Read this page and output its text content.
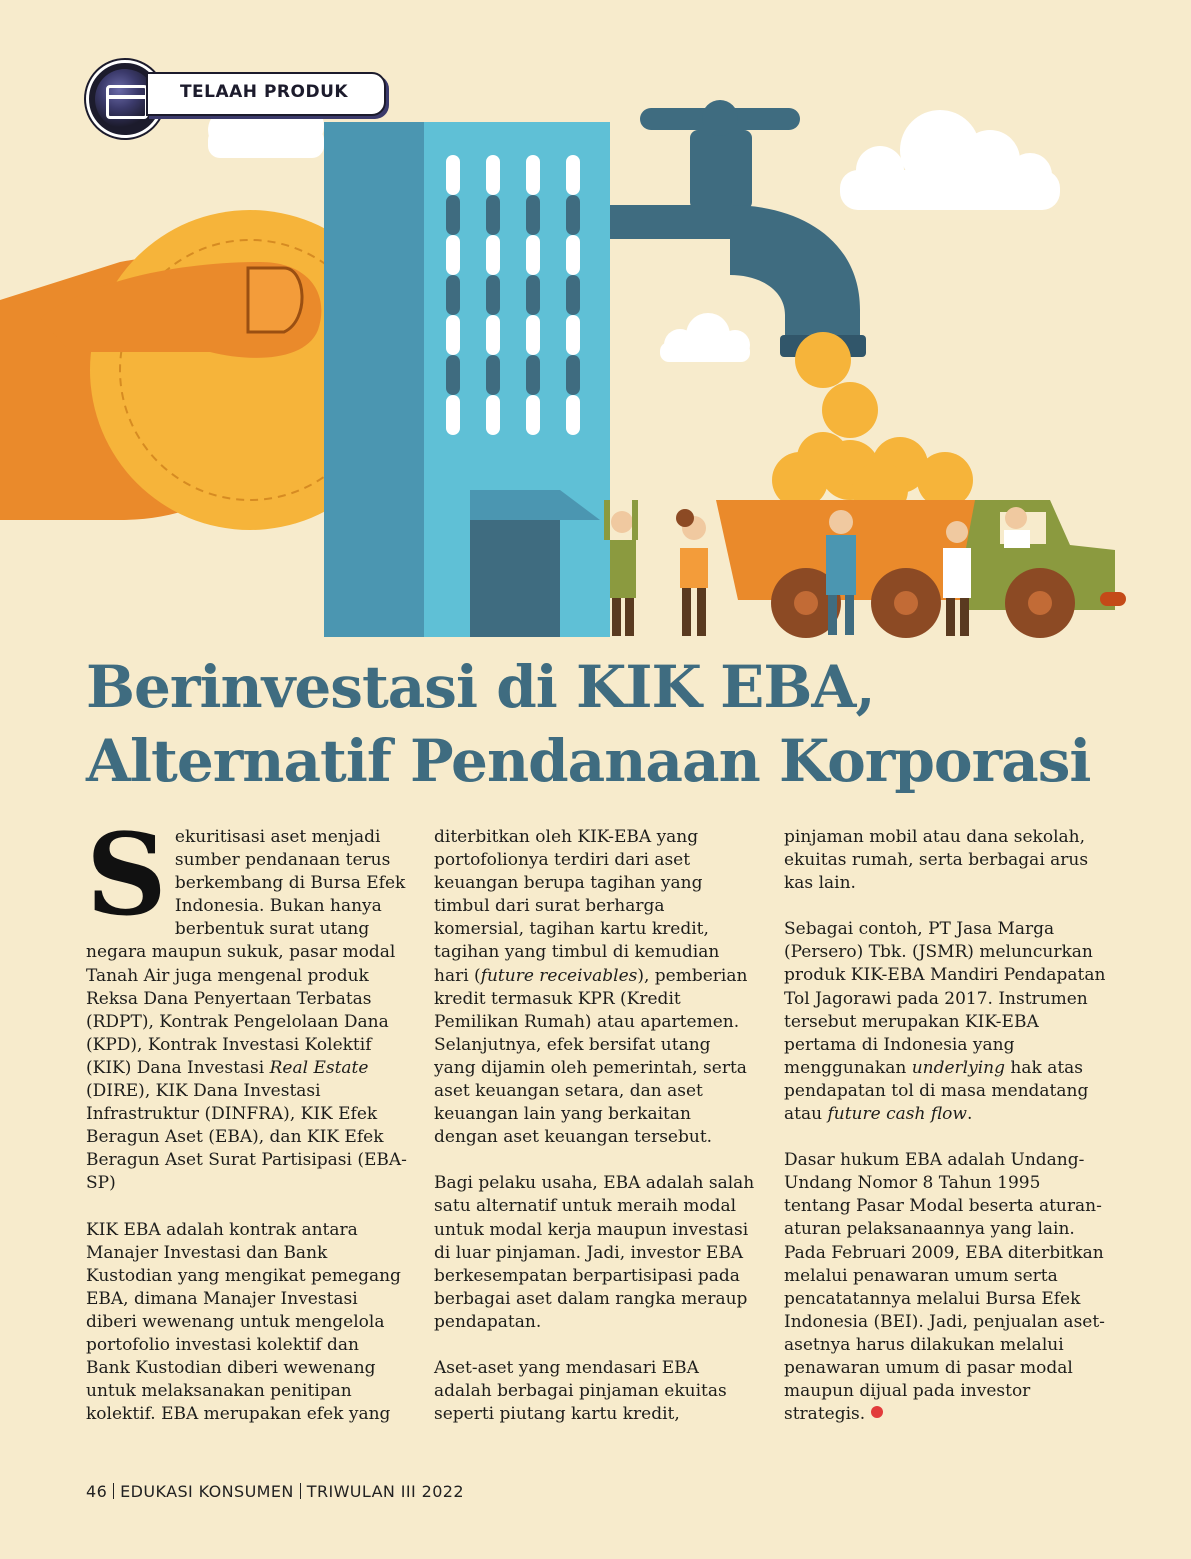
TELAAH PRODUK
Berinvestasi di KIK EBA,
Alternatif Pendanaan Korporasi

Sekuritisasi aset menjadi sumber pendanaan terus berkembang di Bursa Efek Indonesia. Bukan hanya berbentuk surat utang negara maupun sukuk, pasar modal Tanah Air juga mengenal produk Reksa Dana Penyertaan Terbatas (RDPT), Kontrak Pengelolaan Dana (KPD), Kontrak Investasi Kolektif (KIK) Dana Investasi Real Estate (DIRE), KIK Dana Investasi Infrastruktur (DINFRA), KIK Efek Beragun Aset (EBA), dan KIK Efek Beragun Aset Surat Partisipasi (EBA-SP)

KIK EBA adalah kontrak antara Manajer Investasi dan Bank Kustodian yang mengikat pemegang EBA, dimana Manajer Investasi diberi wewenang untuk mengelola portofolio investasi kolektif dan Bank Kustodian diberi wewenang untuk melaksanakan penitipan kolektif. EBA merupakan efek yang

diterbitkan oleh KIK-EBA yang portofolionya terdiri dari aset keuangan berupa tagihan yang timbul dari surat berharga komersial, tagihan kartu kredit, tagihan yang timbul di kemudian hari (future receivables), pemberian kredit termasuk KPR (Kredit Pemilikan Rumah) atau apartemen. Selanjutnya, efek bersifat utang yang dijamin oleh pemerintah, serta aset keuangan setara, dan aset keuangan lain yang berkaitan dengan aset keuangan tersebut.

Bagi pelaku usaha, EBA adalah salah satu alternatif untuk meraih modal untuk modal kerja maupun investasi di luar pinjaman. Jadi, investor EBA berkesempatan berpartisipasi pada berbagai aset dalam rangka meraup pendapatan.

Aset-aset yang mendasari EBA adalah berbagai pinjaman ekuitas seperti piutang kartu kredit,

pinjaman mobil atau dana sekolah, ekuitas rumah, serta berbagai arus kas lain.

Sebagai contoh, PT Jasa Marga (Persero) Tbk. (JSMR) meluncurkan produk KIK-EBA Mandiri Pendapatan Tol Jagorawi pada 2017. Instrumen tersebut merupakan KIK-EBA pertama di Indonesia yang menggunakan underlying hak atas pendapatan tol di masa mendatang atau future cash flow.

Dasar hukum EBA adalah Undang-Undang Nomor 8 Tahun 1995 tentang Pasar Modal beserta aturan-aturan pelaksanaannya yang lain. Pada Februari 2009, EBA diterbitkan melalui penawaran umum serta pencatatannya melalui Bursa Efek Indonesia (BEI). Jadi, penjualan aset-asetnya harus dilakukan melalui penawaran umum di pasar modal maupun dijual pada investor strategis.

46 EDUKASI KONSUMEN TRIWULAN III 2022
